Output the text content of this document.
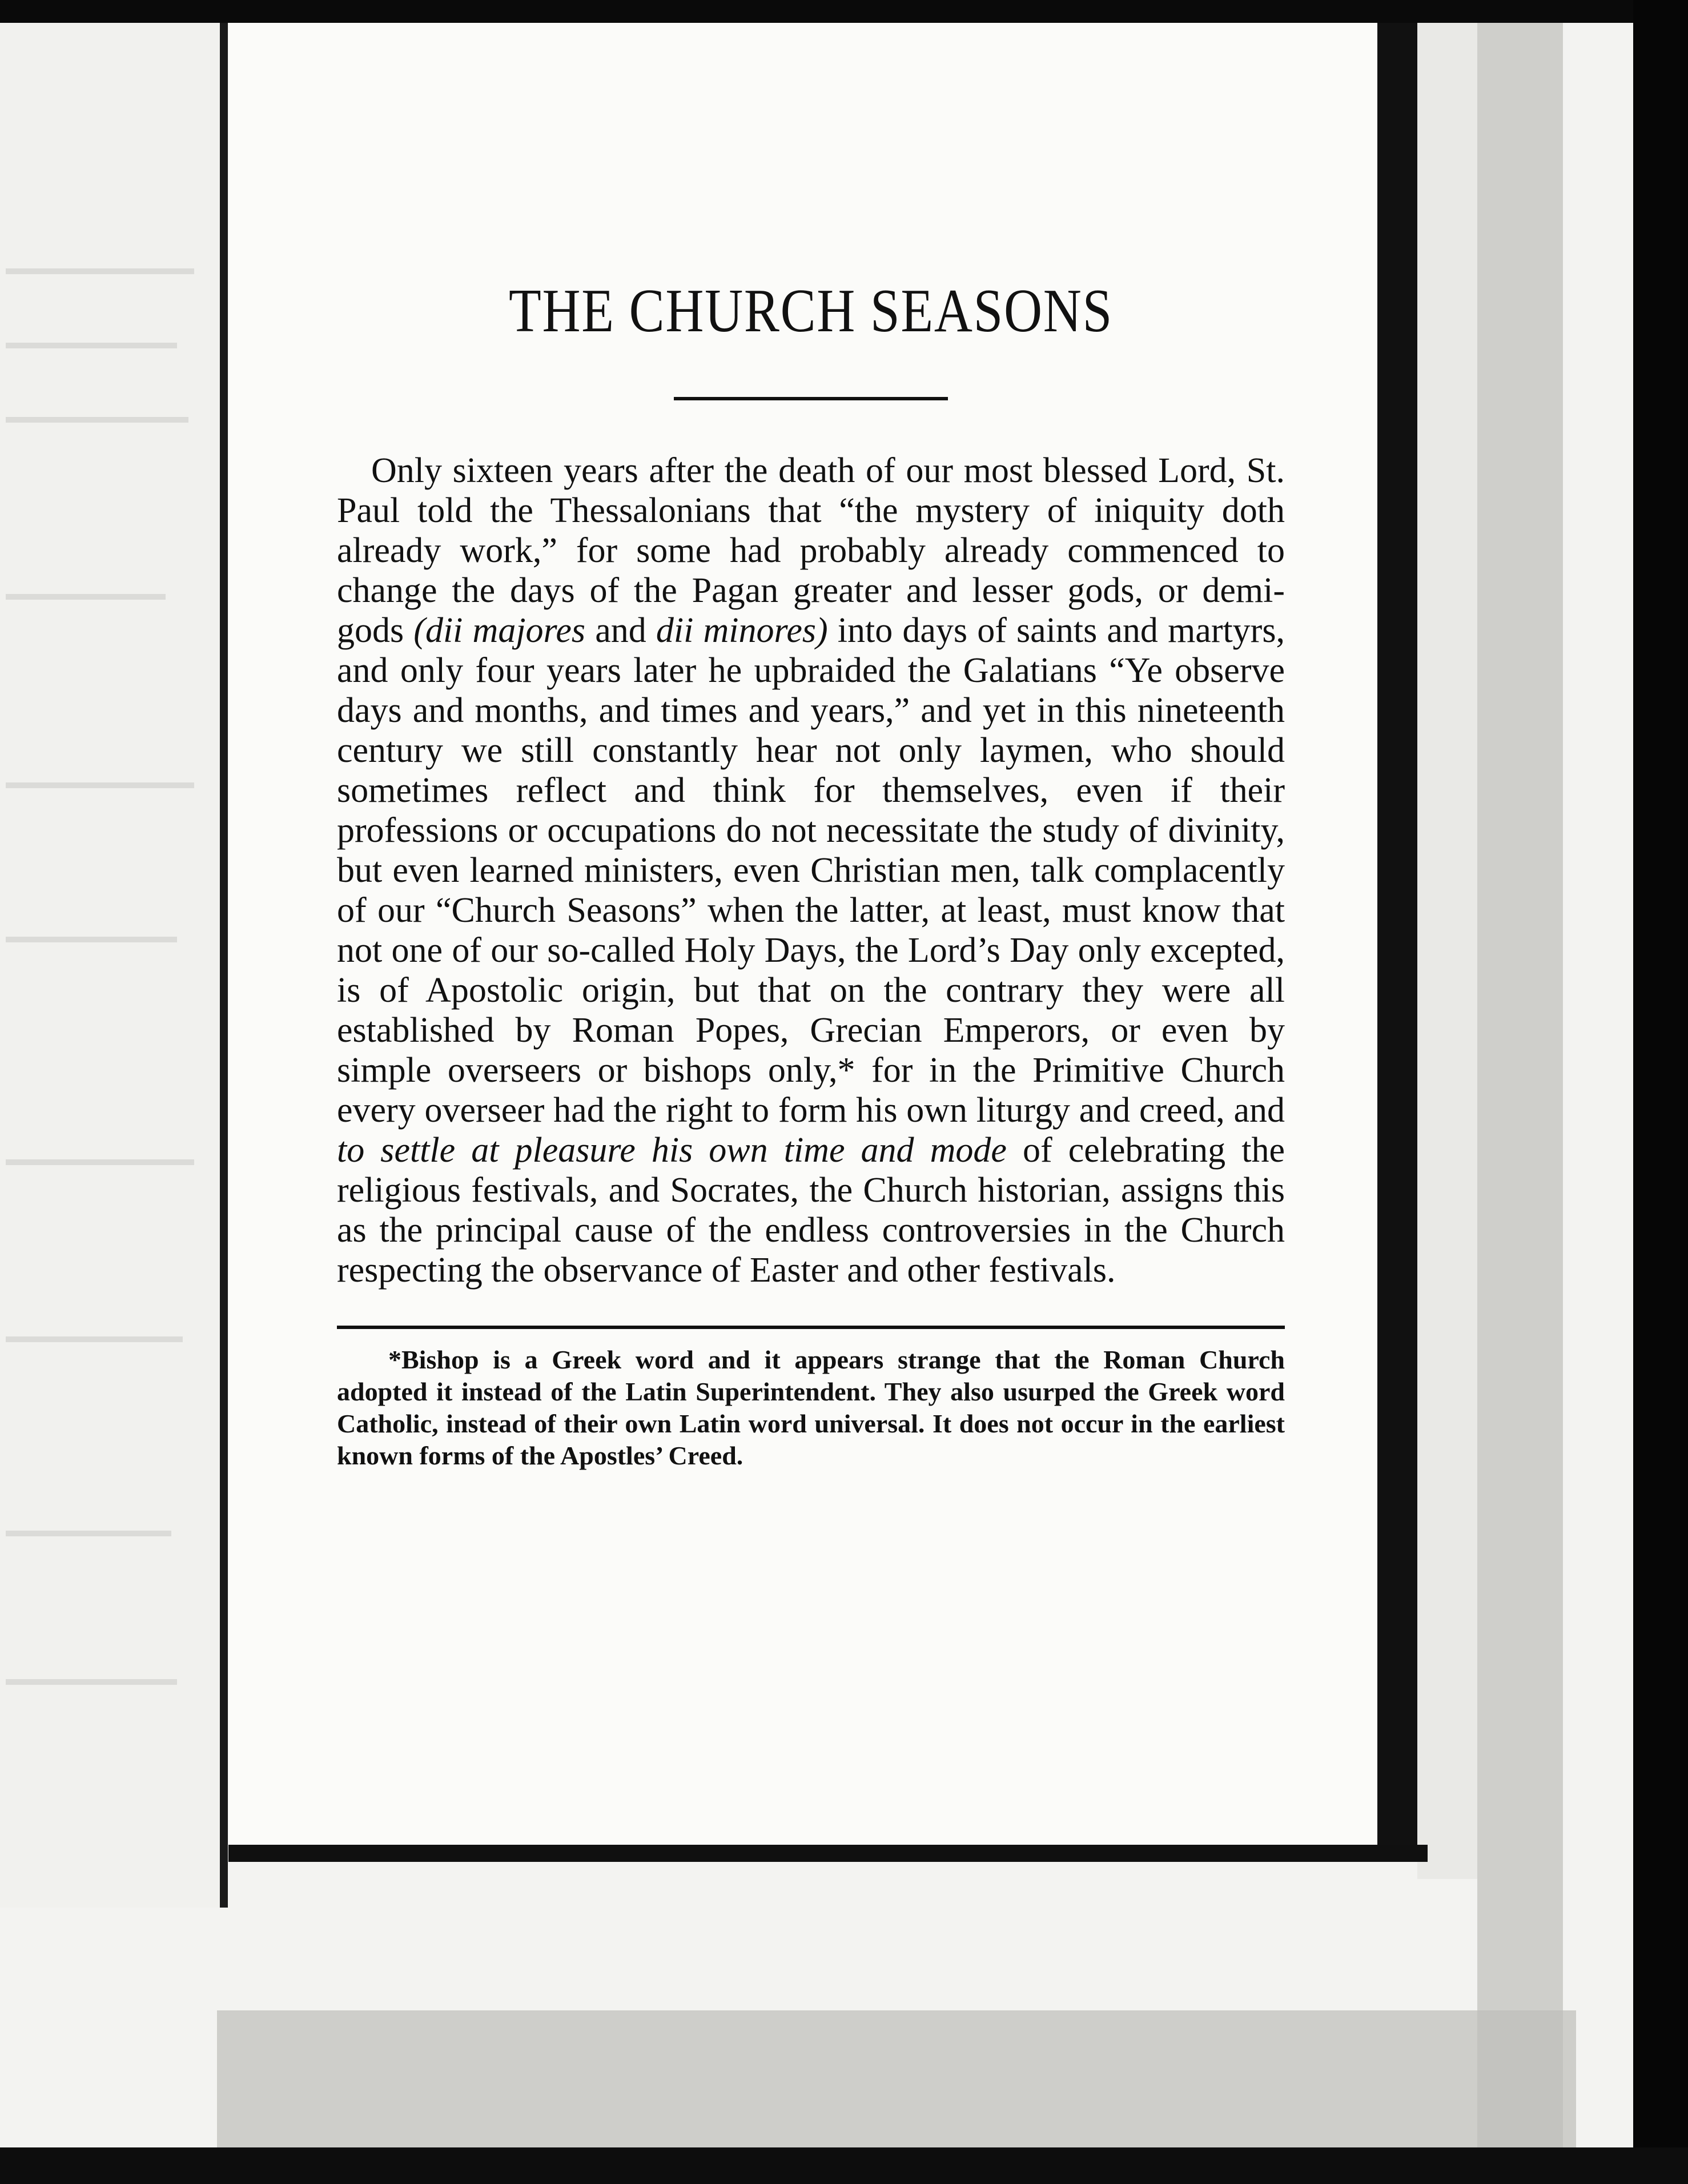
THE CHURCH SEASONS

Only sixteen years after the death of our most blessed Lord, St. Paul told the Thessalonians that “the mystery of iniquity doth already work,” for some had probably already commenced to change the days of the Pagan greater and lesser gods, or demi-gods (dii majores and dii minores) into days of saints and martyrs, and only four years later he upbraided the Galatians “Ye observe days and months, and times and years,” and yet in this nineteenth century we still constantly hear not only laymen, who should sometimes reflect and think for themselves, even if their professions or occupations do not necessitate the study of divinity, but even learned ministers, even Christian men, talk complacently of our “Church Seasons” when the latter, at least, must know that not one of our so-called Holy Days, the Lord’s Day only excepted, is of Apostolic origin, but that on the contrary they were all established by Roman Popes, Grecian Emperors, or even by simple overseers or bishops only,* for in the Primitive Church every overseer had the right to form his own liturgy and creed, and to settle at pleasure his own time and mode of celebrating the religious festivals, and Socrates, the Church historian, assigns this as the principal cause of the endless controversies in the Church respecting the observance of Easter and other festivals.

*Bishop is a Greek word and it appears strange that the Roman Church adopted it instead of the Latin Superintendent. They also usurped the Greek word Catholic, instead of their own Latin word universal. It does not occur in the earliest known forms of the Apostles’ Creed.
